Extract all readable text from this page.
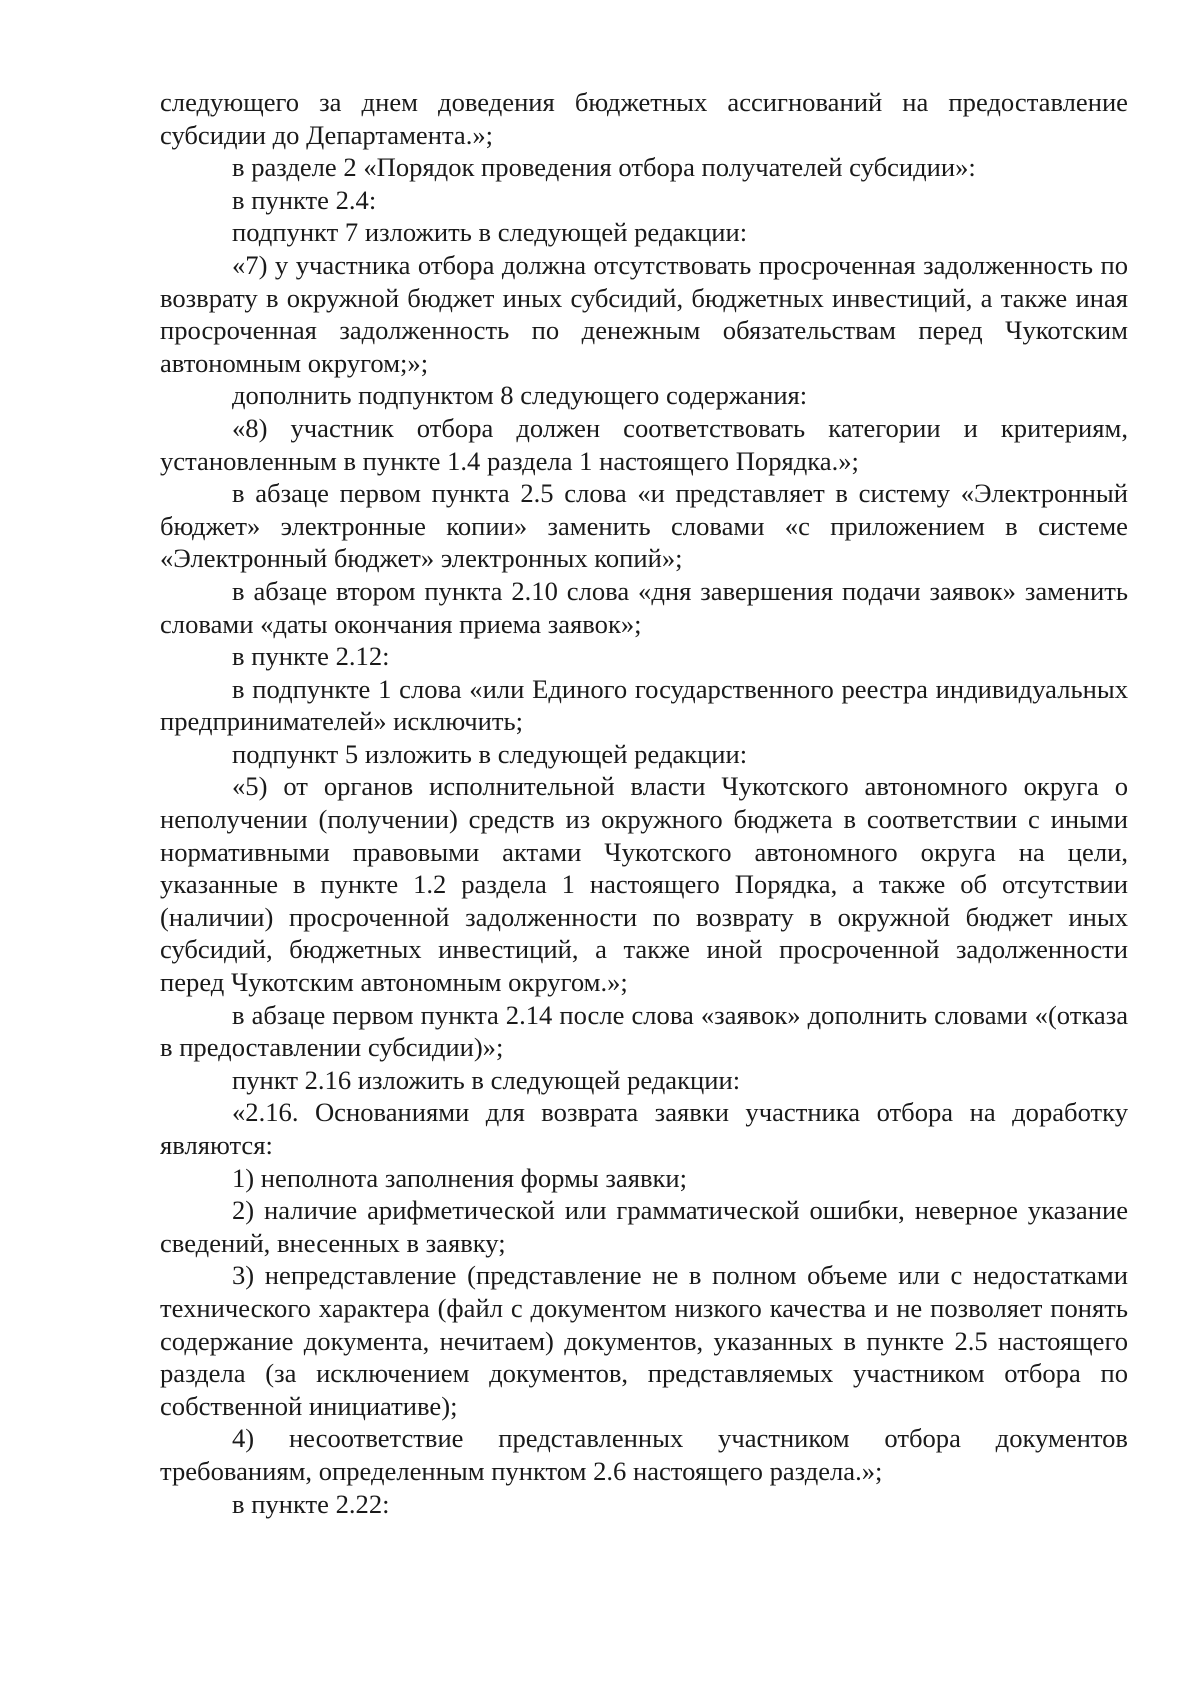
следующего за днем доведения бюджетных ассигнований на предоставление субсидии до Департамента.»;

в разделе 2 «Порядок проведения отбора получателей субсидии»:

в пункте 2.4:

подпункт 7 изложить в следующей редакции:

«7) у участника отбора должна отсутствовать просроченная задолженность по возврату в окружной бюджет иных субсидий, бюджетных инвестиций, а также иная просроченная задолженность по денежным обязательствам перед Чукотским автономным округом;»;

дополнить подпунктом 8 следующего содержания:

«8) участник отбора должен соответствовать категории и критериям, установленным в пункте 1.4 раздела 1 настоящего Порядка.»;

в абзаце первом пункта 2.5 слова «и представляет в систему «Электронный бюджет» электронные копии» заменить словами «с приложением в системе «Электронный бюджет» электронных копий»;

в абзаце втором пункта 2.10 слова «дня завершения подачи заявок» заменить словами «даты окончания приема заявок»;

в пункте 2.12:

в подпункте 1 слова «или Единого государственного реестра индивидуальных предпринимателей» исключить;

подпункт 5 изложить в следующей редакции:

«5) от органов исполнительной власти Чукотского автономного округа о неполучении (получении) средств из окружного бюджета в соответствии с иными нормативными правовыми актами Чукотского автономного округа на цели, указанные в пункте 1.2 раздела 1 настоящего Порядка, а также об отсутствии (наличии) просроченной задолженности по возврату в окружной бюджет иных субсидий, бюджетных инвестиций, а также иной просроченной задолженности перед Чукотским автономным округом.»;

в абзаце первом пункта 2.14 после слова «заявок» дополнить словами «(отказа в предоставлении субсидии)»;

пункт 2.16 изложить в следующей редакции:

«2.16. Основаниями для возврата заявки участника отбора на доработку являются:

1) неполнота заполнения формы заявки;

2) наличие арифметической или грамматической ошибки, неверное указание сведений, внесенных в заявку;

3) непредставление (представление не в полном объеме или с недостатками технического характера (файл с документом низкого качества и не позволяет понять содержание документа, нечитаем) документов, указанных в пункте 2.5 настоящего раздела (за исключением документов, представляемых участником отбора по собственной инициативе);

4) несоответствие представленных участником отбора документов требованиям, определенным пунктом 2.6 настоящего раздела.»;

в пункте 2.22:
